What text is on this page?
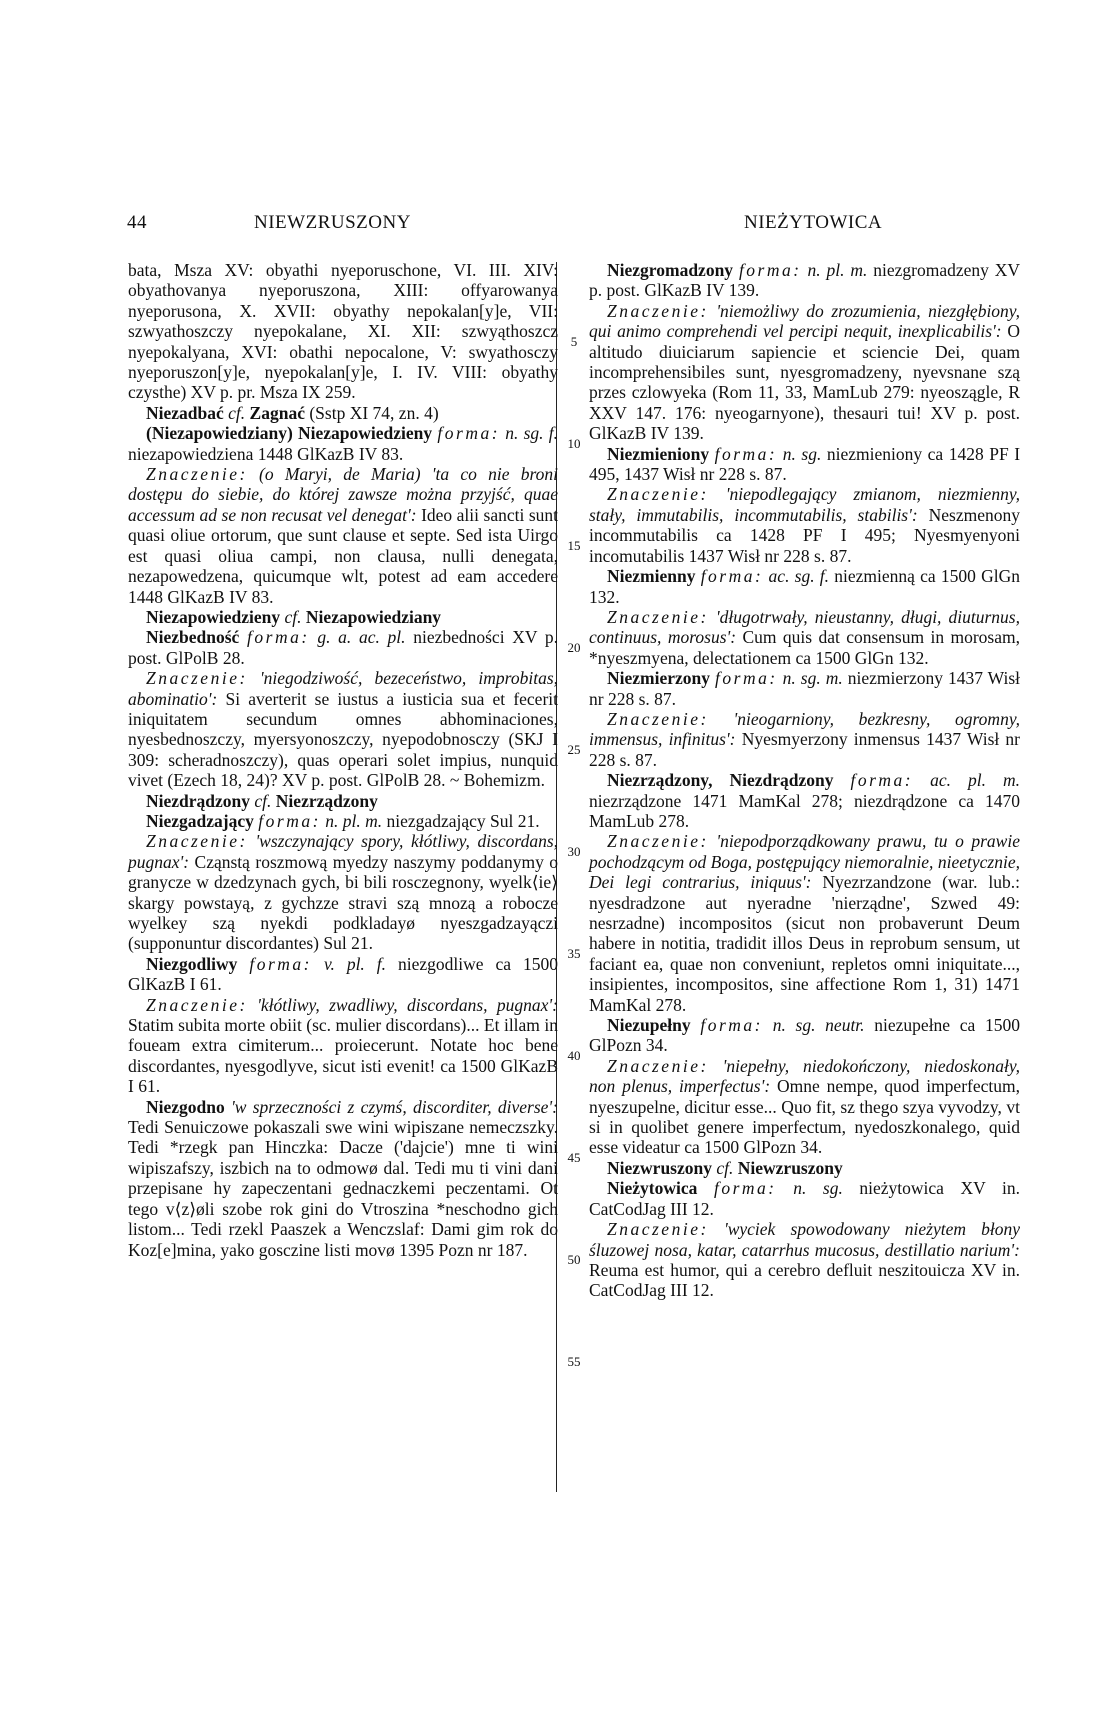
44	NIEWZRUSZONY	NIEŻYTOWICA
5
10
15
20
25
30
35
40
45
50
55

bata, Msza XV: obyathi nyeporuschone, VI. III. XIV: obyathovanya nyeporuszona, XIII: offyarowanya nyeporusona, X. XVII: obyathy nepokalan[y]e, VII: szwyathoszczy nyepokalane, XI. XII: szwyąthoszcz nyepokalyana, XVI: obathi nepocalone, V: swyathosczy nyeporuszon[y]e, nyepokalan[y]e, I. IV. VIII: obyathy czysthe) XV p. pr. Msza IX 259.

Niezadbać cf. Zagnać (Sstp XI 74, zn. 4)

(Niezapowiedziany) Niezapowiedzieny forma: n. sg. f. niezapowiedziena 1448 GlKazB IV 83.

Znaczenie: (o Maryi, de Maria) 'ta co nie broni dostępu do siebie, do której zawsze można przyjść, quae accessum ad se non recusat vel denegat': Ideo alii sancti sunt quasi oliue ortorum, que sunt clause et septe. Sed ista Uirgo est quasi oliua campi, non clausa, nulli denegata, nezapowedzena, quicumque wlt, potest ad eam accedere 1448 GlKazB IV 83.

Niezapowiedzieny cf. Niezapowiedziany

Niezbedność forma: g. a. ac. pl. niezbedności XV p. post. GlPolB 28.

Znaczenie: 'niegodziwość, bezeceństwo, improbitas, abominatio': Si averterit se iustus a iusticia sua et fecerit iniquitatem secundum omnes abhominaciones, nyesbednoszczy, myersyonoszczy, nyepodobnosczy (SKJ I 309: scheradnoszczy), quas operari solet impius, nunquid vivet (Ezech 18, 24)? XV p. post. GlPolB 28. ~ Bohemizm.

Niezdrądzony cf. Niezrządzony

Niezgadzający forma: n. pl. m. niezgadzający Sul 21.

Znaczenie: 'wszczynający spory, kłótliwy, discordans, pugnax': Cząnstą roszmową myedzy naszymy poddanymy o granycze w dzedzynach gych, bi bili rosczegnony, wyelk⟨ie⟩ skargy powstayą, z gychzze stravi szą mnozą a robocze wyelkey szą nyekdi podkladayø nyeszgadzayączi (supponuntur discordantes) Sul 21.

Niezgodliwy forma: v. pl. f. niezgodliwe ca 1500 GlKazB I 61.

Znaczenie: 'kłótliwy, zwadliwy, discordans, pugnax': Statim subita morte obiit (sc. mulier discordans)... Et illam in foueam extra cimiterum... proiecerunt. Notate hoc bene discordantes, nyesgodlyve, sicut isti evenit! ca 1500 GlKazB I 61.

Niezgodno 'w sprzeczności z czymś, discorditer, diverse': Tedi Senuiczowe pokaszali swe wini wipiszane nemeczszky. Tedi *rzegk pan Hinczka: Dacze ('dajcie') mne ti wini wipiszafszy, iszbich na to odmowø dal. Tedi mu ti vini dani przepisane hy zapeczentani gednaczkemi peczentami. Ot tego v⟨z⟩øli szobe rok gini do Vtroszina *neschodno gich listom... Tedi rzekl Paaszek a Wenczslaf: Dami gim rok do Koz[e]mina, yako gosczine listi movø 1395 Pozn nr 187.

Niezgromadzony forma: n. pl. m. niezgromadzeny XV p. post. GlKazB IV 139.

Znaczenie: 'niemożliwy do zrozumienia, niezgłębiony, qui animo comprehendi vel percipi nequit, inexplicabilis': O altitudo diuiciarum sapiencie et sciencie Dei, quam incomprehensibiles sunt, nyesgromadzeny, nyevsnane szą przes czlowyeka (Rom 11, 33, MamLub 279: nyeoszągle, R XXV 147. 176: nyeogarnyone), thesauri tui! XV p. post. GlKazB IV 139.

Niezmieniony forma: n. sg. niezmieniony ca 1428 PF I 495, 1437 Wisł nr 228 s. 87.

Znaczenie: 'niepodlegający zmianom, niezmienny, stały, immutabilis, incommutabilis, stabilis': Neszmenony incommutabilis ca 1428 PF I 495; Nyesmyenyoni incomutabilis 1437 Wisł nr 228 s. 87.

Niezmienny forma: ac. sg. f. niezmienną ca 1500 GlGn 132.

Znaczenie: 'długotrwały, nieustanny, długi, diuturnus, continuus, morosus': Cum quis dat consensum in morosam, *nyeszmyena, delectationem ca 1500 GlGn 132.

Niezmierzony forma: n. sg. m. niezmierzony 1437 Wisł nr 228 s. 87.

Znaczenie: 'nieogarniony, bezkresny, ogromny, immensus, infinitus': Nyesmyerzony inmensus 1437 Wisł nr 228 s. 87.

Niezrządzony, Niezdrądzony forma: ac. pl. m. niezrządzone 1471 MamKal 278; niezdrądzone ca 1470 MamLub 278.

Znaczenie: 'niepodporządkowany prawu, tu o prawie pochodzącym od Boga, postępujący niemoralnie, nieetycznie, Dei legi contrarius, iniquus': Nyezrzandzone (war. lub.: nyesdradzone aut nyeradne 'nierządne', Szwed 49: nesrzadne) incompositos (sicut non probaverunt Deum habere in notitia, tradidit illos Deus in reprobum sensum, ut faciant ea, quae non conveniunt, repletos omni iniquitate..., insipientes, incompositos, sine affectione Rom 1, 31) 1471 MamKal 278.

Niezupełny forma: n. sg. neutr. niezupełne ca 1500 GlPozn 34.

Znaczenie: 'niepełny, niedokończony, niedoskonały, non plenus, imperfectus': Omne nempe, quod imperfectum, nyeszupelne, dicitur esse... Quo fit, sz thego szya vyvodzy, vt si in quolibet genere imperfectum, nyedoszkonalego, quid esse videatur ca 1500 GlPozn 34.

Niezwruszony cf. Niewzruszony

Nieżytowica forma: n. sg. nieżytowica XV in. CatCodJag III 12.

Znaczenie: 'wyciek spowodowany nieżytem błony śluzowej nosa, katar, catarrhus mucosus, destillatio narium': Reuma est humor, qui a cerebro defluit neszitouicza XV in. CatCodJag III 12.
